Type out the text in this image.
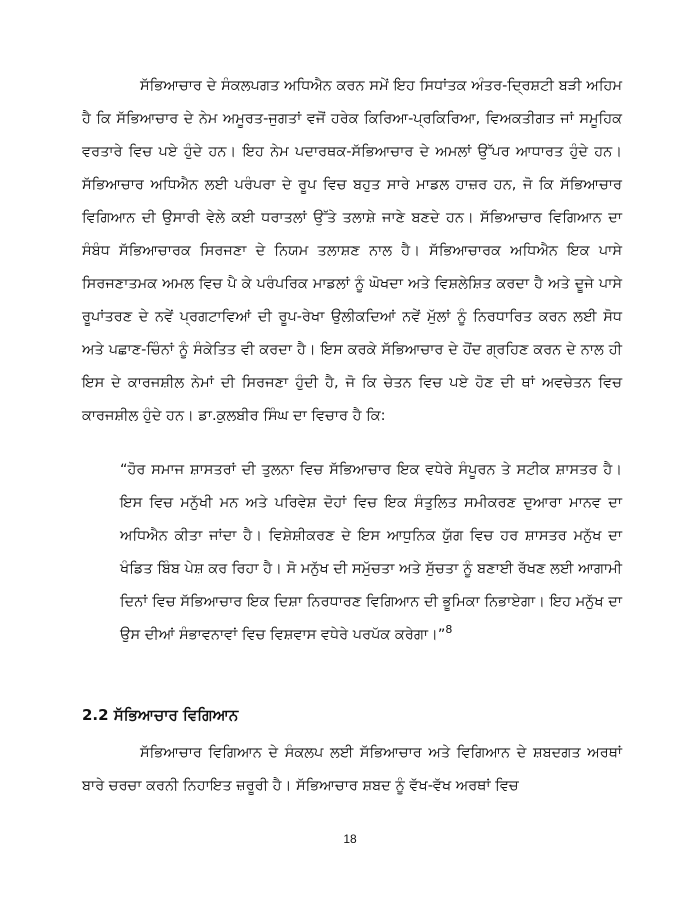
ਸੱਭਿਆਚਾਰ ਦੇ ਸੰਕਲਪਗਤ ਅਧਿਐਨ ਕਰਨ ਸਮੇਂ ਇਹ ਸਿਧਾਂਤਕ ਅੰਤਰ-ਦ੍ਰਿਸ਼ਟੀ ਬੜੀ ਅਹਿਮ ਹੈ ਕਿ ਸੱਭਿਆਚਾਰ ਦੇ ਨੇਮ ਅਮੂਰਤ-ਜੁਗਤਾਂ ਵਜੋਂ ਹਰੇਕ ਕਿਰਿਆ-ਪ੍ਰਕਿਰਿਆ, ਵਿਅਕਤੀਗਤ ਜਾਂ ਸਮੂਹਿਕ ਵਰਤਾਰੇ ਵਿਚ ਪਏ ਹੁੰਦੇ ਹਨ। ਇਹ ਨੇਮ ਪਦਾਰਥਕ-ਸੱਭਿਆਚਾਰ ਦੇ ਅਮਲਾਂ ਉੱਪਰ ਆਧਾਰਤ ਹੁੰਦੇ ਹਨ। ਸੱਭਿਆਚਾਰ ਅਧਿਐਨ ਲਈ ਪਰੰਪਰਾ ਦੇ ਰੂਪ ਵਿਚ ਬਹੁਤ ਸਾਰੇ ਮਾਡਲ ਹਾਜ਼ਰ ਹਨ, ਜੋ ਕਿ ਸੱਭਿਆਚਾਰ ਵਿਗਿਆਨ ਦੀ ਉਸਾਰੀ ਵੇਲੇ ਕਈ ਧਰਾਤਲਾਂ ਉੱਤੇ ਤਲਾਸ਼ੇ ਜਾਣੇ ਬਣਦੇ ਹਨ। ਸੱਭਿਆਚਾਰ ਵਿਗਿਆਨ ਦਾ ਸੰਬੰਧ ਸੱਭਿਆਚਾਰਕ ਸਿਰਜਣਾ ਦੇ ਨਿਯਮ ਤਲਾਸ਼ਣ ਨਾਲ ਹੈ। ਸੱਭਿਆਚਾਰਕ ਅਧਿਐਨ ਇਕ ਪਾਸੇ ਸਿਰਜਣਾਤਮਕ ਅਮਲ ਵਿਚ ਪੈ ਕੇ ਪਰੰਪਰਿਕ ਮਾਡਲਾਂ ਨੂੰ ਘੋਖਦਾ ਅਤੇ ਵਿਸ਼ਲੇਸ਼ਿਤ ਕਰਦਾ ਹੈ ਅਤੇ ਦੂਜੇ ਪਾਸੇ ਰੂਪਾਂਤਰਣ ਦੇ ਨਵੇਂ ਪ੍ਰਗਟਾਵਿਆਂ ਦੀ ਰੂਪ-ਰੇਖਾ ਉਲੀਕਦਿਆਂ ਨਵੇਂ ਮੁੱਲਾਂ ਨੂੰ ਨਿਰਧਾਰਿਤ ਕਰਨ ਲਈ ਸੋਧ ਅਤੇ ਪਛਾਣ-ਚਿੰਨਾਂ ਨੂੰ ਸੰਕੇਤਿਤ ਵੀ ਕਰਦਾ ਹੈ। ਇਸ ਕਰਕੇ ਸੱਭਿਆਚਾਰ ਦੇ ਹੋਂਦ ਗ੍ਰਹਿਣ ਕਰਨ ਦੇ ਨਾਲ ਹੀ ਇਸ ਦੇ ਕਾਰਜਸ਼ੀਲ ਨੇਮਾਂ ਦੀ ਸਿਰਜਣਾ ਹੁੰਦੀ ਹੈ, ਜੋ ਕਿ ਚੇਤਨ ਵਿਚ ਪਏ ਹੋਣ ਦੀ ਥਾਂ ਅਵਚੇਤਨ ਵਿਚ ਕਾਰਜਸ਼ੀਲ ਹੁੰਦੇ ਹਨ। ਡਾ.ਕੁਲਬੀਰ ਸਿੰਘ ਦਾ ਵਿਚਾਰ ਹੈ ਕਿ:

“ਹੋਰ ਸਮਾਜ ਸ਼ਾਸਤਰਾਂ ਦੀ ਤੁਲਨਾ ਵਿਚ ਸੱਭਿਆਚਾਰ ਇਕ ਵਧੇਰੇ ਸੰਪੂਰਨ ਤੇ ਸਟੀਕ ਸ਼ਾਸਤਰ ਹੈ। ਇਸ ਵਿਚ ਮਨੁੱਖੀ ਮਨ ਅਤੇ ਪਰਿਵੇਸ਼ ਦੋਹਾਂ ਵਿਚ ਇਕ ਸੰਤੁਲਿਤ ਸਮੀਕਰਣ ਦੁਆਰਾ ਮਾਨਵ ਦਾ ਅਧਿਐਨ ਕੀਤਾ ਜਾਂਦਾ ਹੈ। ਵਿਸ਼ੇਸ਼ੀਕਰਣ ਦੇ ਇਸ ਆਧੁਨਿਕ ਯੁੱਗ ਵਿਚ ਹਰ ਸ਼ਾਸਤਰ ਮਨੁੱਖ ਦਾ ਖੰਡਿਤ ਬਿੰਬ ਪੇਸ਼ ਕਰ ਰਿਹਾ ਹੈ। ਸੋ ਮਨੁੱਖ ਦੀ ਸਮੁੱਚਤਾ ਅਤੇ ਸੁੱਚਤਾ ਨੂੰ ਬਣਾਈ ਰੱਖਣ ਲਈ ਆਗਾਮੀ ਦਿਨਾਂ ਵਿਚ ਸੱਭਿਆਚਾਰ ਇਕ ਦਿਸ਼ਾ ਨਿਰਧਾਰਣ ਵਿਗਿਆਨ ਦੀ ਭੂਮਿਕਾ ਨਿਭਾਏਗਾ। ਇਹ ਮਨੁੱਖ ਦਾ ਉਸ ਦੀਆਂ ਸੰਭਾਵਨਾਵਾਂ ਵਿਚ ਵਿਸ਼ਵਾਸ ਵਧੇਰੇ ਪਰਪੱਕ ਕਰੇਗਾ।”$^8$

2.2 ਸੱਭਿਆਚਾਰ ਵਿਗਿਆਨ

ਸੱਭਿਆਚਾਰ ਵਿਗਿਆਨ ਦੇ ਸੰਕਲਪ ਲਈ ਸੱਭਿਆਚਾਰ ਅਤੇ ਵਿਗਿਆਨ ਦੇ ਸ਼ਬਦਗਤ ਅਰਥਾਂ ਬਾਰੇ ਚਰਚਾ ਕਰਨੀ ਨਿਹਾਇਤ ਜ਼ਰੂਰੀ ਹੈ। ਸੱਭਿਆਚਾਰ ਸ਼ਬਦ ਨੂੰ ਵੱਖ-ਵੱਖ ਅਰਥਾਂ ਵਿਚ

18
